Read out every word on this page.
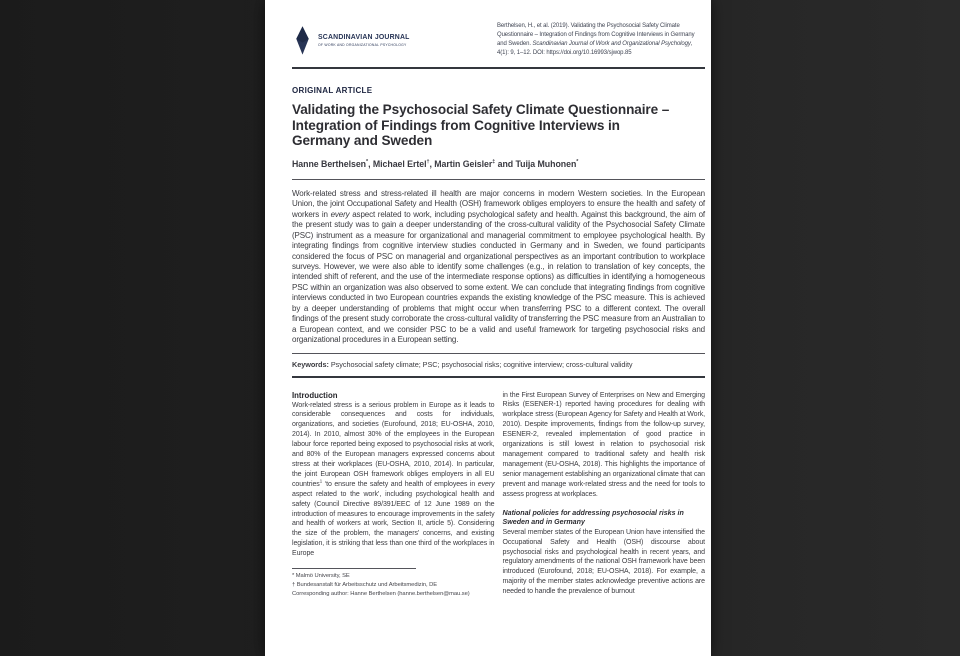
SCANDINAVIAN JOURNAL
OF WORK AND ORGANIZATIONAL PSYCHOLOGY
Berthelsen, H., et al. (2019). Validating the Psychosocial Safety Climate Questionnaire – Integration of Findings from Cognitive Interviews in Germany and Sweden. Scandinavian Journal of Work and Organizational Psychology, 4(1): 9, 1–12. DOI: https://doi.org/10.16993/sjwop.85
ORIGINAL ARTICLE
Validating the Psychosocial Safety Climate Questionnaire –
Integration of Findings from Cognitive Interviews in
Germany and Sweden
Hanne Berthelsen*, Michael Ertel†, Martin Geisler‡ and Tuija Muhonen*

Work-related stress and stress-related ill health are major concerns in modern Western societies. In the European Union, the joint Occupational Safety and Health (OSH) framework obliges employers to ensure the health and safety of workers in every aspect related to work, including psychological safety and health. Against this background, the aim of the present study was to gain a deeper understanding of the cross-cultural validity of the Psychosocial Safety Climate (PSC) instrument as a measure for organizational and managerial commitment to employee psychological health. By integrating findings from cognitive interview studies conducted in Germany and in Sweden, we found participants considered the focus of PSC on managerial and organizational perspectives as an important contribution to workplace surveys. However, we were also able to identify some challenges (e.g., in relation to translation of key concepts, the intended shift of referent, and the use of the intermediate response options) as difficulties in identifying a homogeneous PSC within an organization was also observed to some extent. We can conclude that integrating findings from cognitive interviews conducted in two European countries expands the existing knowledge of the PSC measure. This is achieved by a deeper understanding of problems that might occur when transferring PSC to a different context. The overall findings of the present study corroborate the cross-cultural validity of transferring the PSC measure from an Australian to a European context, and we consider PSC to be a valid and useful framework for targeting psychosocial risks and organizational procedures in a European setting.

Keywords: Psychosocial safety climate; PSC; psychosocial risks; cognitive interview; cross-cultural validity

Introduction

Work-related stress is a serious problem in Europe as it leads to considerable consequences and costs for individuals, organizations, and societies (Eurofound, 2018; EU-OSHA, 2010, 2014). In 2010, almost 30% of the employees in the European labour force reported being exposed to psychosocial risks at work, and 80% of the European managers expressed concerns about stress at their workplaces (EU-OSHA, 2010, 2014). In particular, the joint European OSH framework obliges employers in all EU countries$^1$ ‘to ensure the safety and health of employees in every aspect related to the work’, including psychological health and safety (Council Directive 89/391/EEC of 12 June 1989 on the introduction of measures to encourage improvements in the safety and health of workers at work, Section II, article 5). Considering the size of the problem, the managers’ concerns, and existing legislation, it is striking that less than one third of the workplaces in Europe

* Malmö University, SE
† Bundesanstalt für Arbeitsschutz und Arbeitsmedizin, DE
Corresponding author: Hanne Berthelsen (hanne.berthelsen@mau.se)

in the First European Survey of Enterprises on New and Emerging Risks (ESENER-1) reported having procedures for dealing with workplace stress (European Agency for Safety and Health at Work, 2010). Despite improvements, findings from the follow-up survey, ESENER-2, revealed implementation of good practice in organizations is still lowest in relation to psychosocial risk management compared to traditional safety and health risk management (EU-OSHA, 2018). This highlights the importance of senior management establishing an organizational climate that can prevent and manage work-related stress and the need for tools to assess progress at workplaces.

National policies for addressing psychosocial risks in Sweden and in Germany

Several member states of the European Union have intensified the Occupational Safety and Health (OSH) discourse about psychosocial risks and psychological health in recent years, and regulatory amendments of the national OSH framework have been introduced (Eurofound, 2018; EU-OSHA, 2018). For example, a majority of the member states acknowledge preventive actions are needed to handle the prevalence of burnout
